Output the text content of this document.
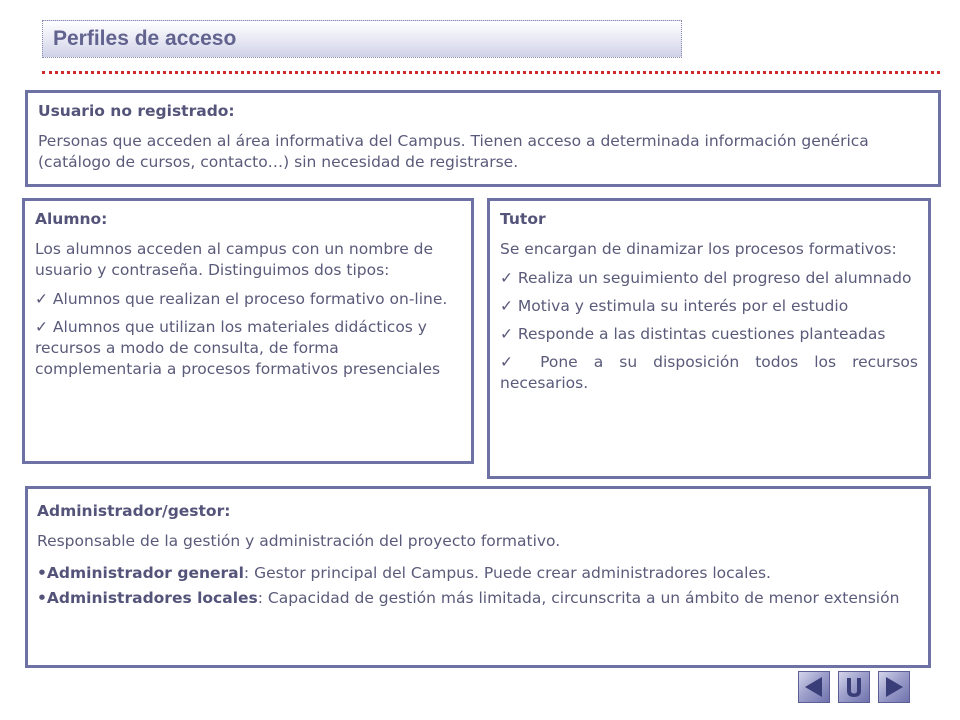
Perfiles de acceso
Usuario no registrado:

Personas que acceden al área informativa del Campus. Tienen acceso a determinada información genérica (catálogo de cursos, contacto…) sin necesidad de registrarse.

Alumno:

Los alumnos acceden al campus con un nombre de usuario y contraseña. Distinguimos dos tipos:

✓ Alumnos que realizan el proceso formativo on-line.

✓ Alumnos que utilizan los materiales didácticos y recursos a modo de consulta, de forma complementaria a procesos formativos presenciales

Tutor

Se encargan de dinamizar los procesos formativos:

✓ Realiza un seguimiento del progreso del alumnado

✓ Motiva y estimula su interés por el estudio

✓ Responde a las distintas cuestiones planteadas

✓ Pone a su disposición todos los recursos necesarios.

Administrador/gestor:

Responsable de la gestión y administración del proyecto formativo.

•Administrador general: Gestor principal del Campus. Puede crear administradores locales.

•Administradores locales: Capacidad de gestión más limitada, circunscrita a un ámbito de menor extensión
